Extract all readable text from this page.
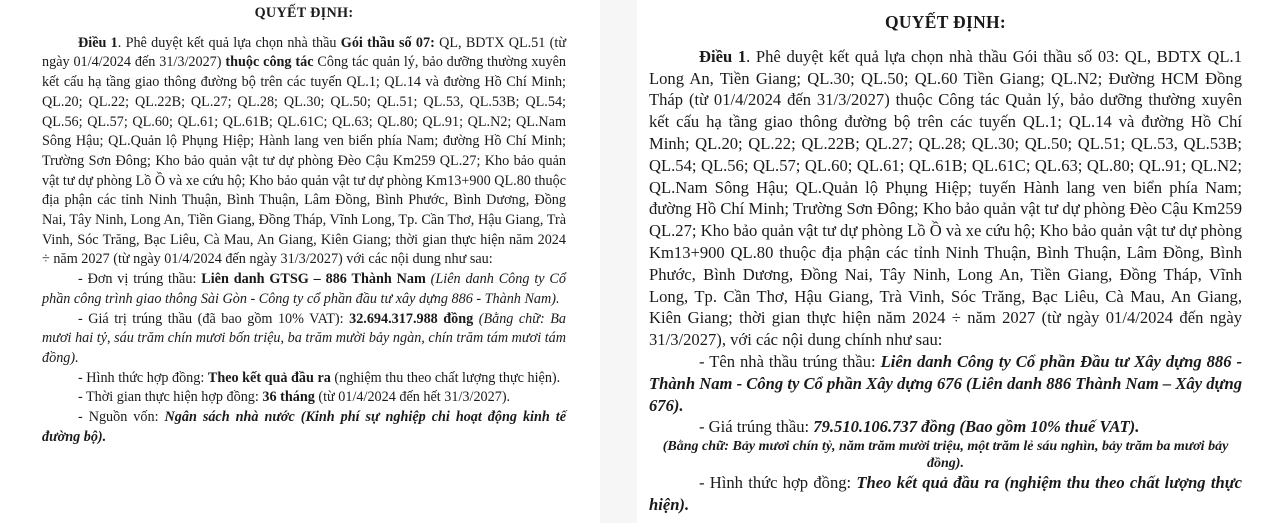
QUYẾT ĐỊNH:

Điều 1. Phê duyệt kết quả lựa chọn nhà thầu Gói thầu số 07: QL, BDTX QL.51 (từ ngày 01/4/2024 đến 31/3/2027) thuộc công tác Công tác quản lý, bảo dưỡng thường xuyên kết cấu hạ tầng giao thông đường bộ trên các tuyến QL.1; QL.14 và đường Hồ Chí Minh; QL.20; QL.22; QL.22B; QL.27; QL.28; QL.30; QL.50; QL.51; QL.53, QL.53B; QL.54; QL.56; QL.57; QL.60; QL.61; QL.61B; QL.61C; QL.63; QL.80; QL.91; QL.N2; QL.Nam Sông Hậu; QL.Quản lộ Phụng Hiệp; Hành lang ven biển phía Nam; đường Hồ Chí Minh; Trường Sơn Đông; Kho bảo quản vật tư dự phòng Đèo Cậu Km259 QL.27; Kho bảo quản vật tư dự phòng Lồ Ồ và xe cứu hộ; Kho bảo quản vật tư dự phòng Km13+900 QL.80 thuộc địa phận các tỉnh Ninh Thuận, Bình Thuận, Lâm Đồng, Bình Phước, Bình Dương, Đồng Nai, Tây Ninh, Long An, Tiền Giang, Đồng Tháp, Vĩnh Long, Tp. Cần Thơ, Hậu Giang, Trà Vinh, Sóc Trăng, Bạc Liêu, Cà Mau, An Giang, Kiên Giang; thời gian thực hiện năm 2024 ÷ năm 2027 (từ ngày 01/4/2024 đến ngày 31/3/2027) với các nội dung như sau:

- Đơn vị trúng thầu: Liên danh GTSG – 886 Thành Nam (Liên danh Công ty Cổ phần công trình giao thông Sài Gòn - Công ty cổ phần đầu tư xây dựng 886 - Thành Nam).

- Giá trị trúng thầu (đã bao gồm 10% VAT): 32.694.317.988 đồng (Bằng chữ: Ba mươi hai tỷ, sáu trăm chín mươi bốn triệu, ba trăm mười bảy ngàn, chín trăm tám mươi tám đồng).

- Hình thức hợp đồng: Theo kết quả đầu ra (nghiệm thu theo chất lượng thực hiện).

- Thời gian thực hiện hợp đồng: 36 tháng (từ 01/4/2024 đến hết 31/3/2027).

- Nguồn vốn: Ngân sách nhà nước (Kinh phí sự nghiệp chi hoạt động kinh tế đường bộ).

QUYẾT ĐỊNH:

Điều 1. Phê duyệt kết quả lựa chọn nhà thầu Gói thầu số 03: QL, BDTX QL.1 Long An, Tiền Giang; QL.30; QL.50; QL.60 Tiền Giang; QL.N2; Đường HCM Đồng Tháp (từ 01/4/2024 đến 31/3/2027) thuộc Công tác Quản lý, bảo dưỡng thường xuyên kết cấu hạ tầng giao thông đường bộ trên các tuyến QL.1; QL.14 và đường Hồ Chí Minh; QL.20; QL.22; QL.22B; QL.27; QL.28; QL.30; QL.50; QL.51; QL.53, QL.53B; QL.54; QL.56; QL.57; QL.60; QL.61; QL.61B; QL.61C; QL.63; QL.80; QL.91; QL.N2; QL.Nam Sông Hậu; QL.Quản lộ Phụng Hiệp; tuyến Hành lang ven biển phía Nam; đường Hồ Chí Minh; Trường Sơn Đông; Kho bảo quản vật tư dự phòng Đèo Cậu Km259 QL.27; Kho bảo quản vật tư dự phòng Lồ Ồ và xe cứu hộ; Kho bảo quản vật tư dự phòng Km13+900 QL.80 thuộc địa phận các tỉnh Ninh Thuận, Bình Thuận, Lâm Đồng, Bình Phước, Bình Dương, Đồng Nai, Tây Ninh, Long An, Tiền Giang, Đồng Tháp, Vĩnh Long, Tp. Cần Thơ, Hậu Giang, Trà Vinh, Sóc Trăng, Bạc Liêu, Cà Mau, An Giang, Kiên Giang; thời gian thực hiện năm 2024 ÷ năm 2027 (từ ngày 01/4/2024 đến ngày 31/3/2027), với các nội dung chính như sau:

- Tên nhà thầu trúng thầu: Liên danh Công ty Cổ phần Đầu tư Xây dựng 886 - Thành Nam - Công ty Cổ phần Xây dựng 676 (Liên danh 886 Thành Nam – Xây dựng 676).

- Giá trúng thầu: 79.510.106.737 đồng (Bao gồm 10% thuế VAT).

(Bằng chữ: Bảy mươi chín tỷ, năm trăm mười triệu, một trăm lẻ sáu nghìn, bảy trăm ba mươi bảy đồng).

- Hình thức hợp đồng: Theo kết quả đầu ra (nghiệm thu theo chất lượng thực hiện).
